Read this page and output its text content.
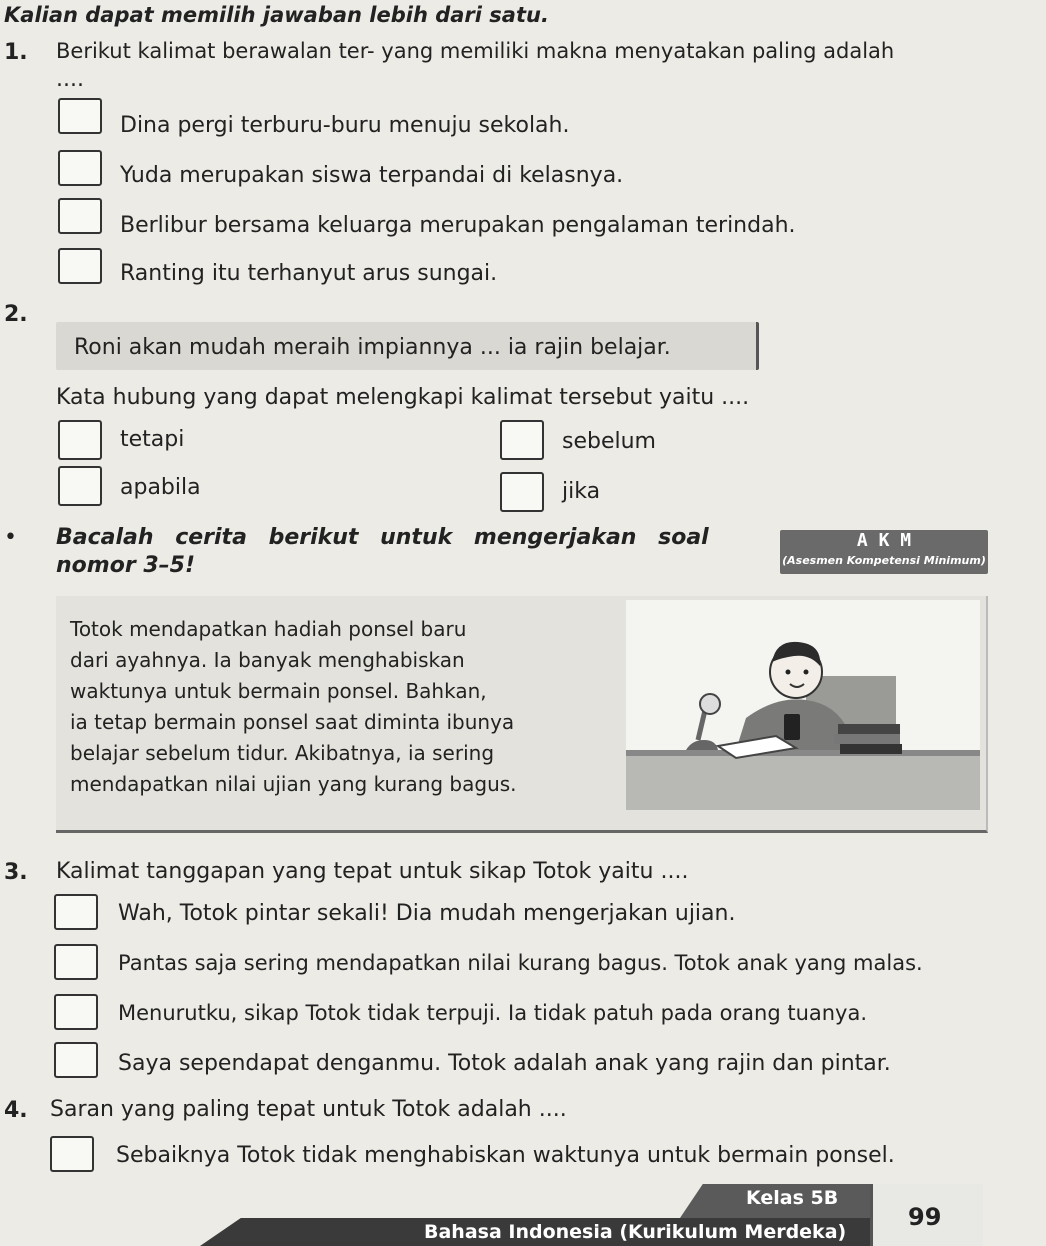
Kalian dapat memilih jawaban lebih dari satu.
1. Berikut kalimat berawalan ter- yang memiliki makna menyatakan paling adalah
....
Dina pergi terburu-buru menuju sekolah.
Yuda merupakan siswa terpandai di kelasnya.
Berlibur bersama keluarga merupakan pengalaman terindah.
Ranting itu terhanyut arus sungai.
2.
Roni akan mudah meraih impiannya ... ia rajin belajar.
Kata hubung yang dapat melengkapi kalimat tersebut yaitu ....
tetapi	sebelum
apabila	jika
• Bacalah cerita berikut untuk mengerjakan soal
nomor 3–5!
A K M
(Asesmen Kompetensi Minimum)
Totok mendapatkan hadiah ponsel baru
dari ayahnya. Ia banyak menghabiskan
waktunya untuk bermain ponsel. Bahkan,
ia tetap bermain ponsel saat diminta ibunya
belajar sebelum tidur. Akibatnya, ia sering
mendapatkan nilai ujian yang kurang bagus.
3. Kalimat tanggapan yang tepat untuk sikap Totok yaitu ....
Wah, Totok pintar sekali! Dia mudah mengerjakan ujian.
Pantas saja sering mendapatkan nilai kurang bagus. Totok anak yang malas.
Menurutku, sikap Totok tidak terpuji. Ia tidak patuh pada orang tuanya.
Saya sependapat denganmu. Totok adalah anak yang rajin dan pintar.
4. Saran yang paling tepat untuk Totok adalah ....
Sebaiknya Totok tidak menghabiskan waktunya untuk bermain ponsel.
Kelas 5B
Bahasa Indonesia (Kurikulum Merdeka)
99
